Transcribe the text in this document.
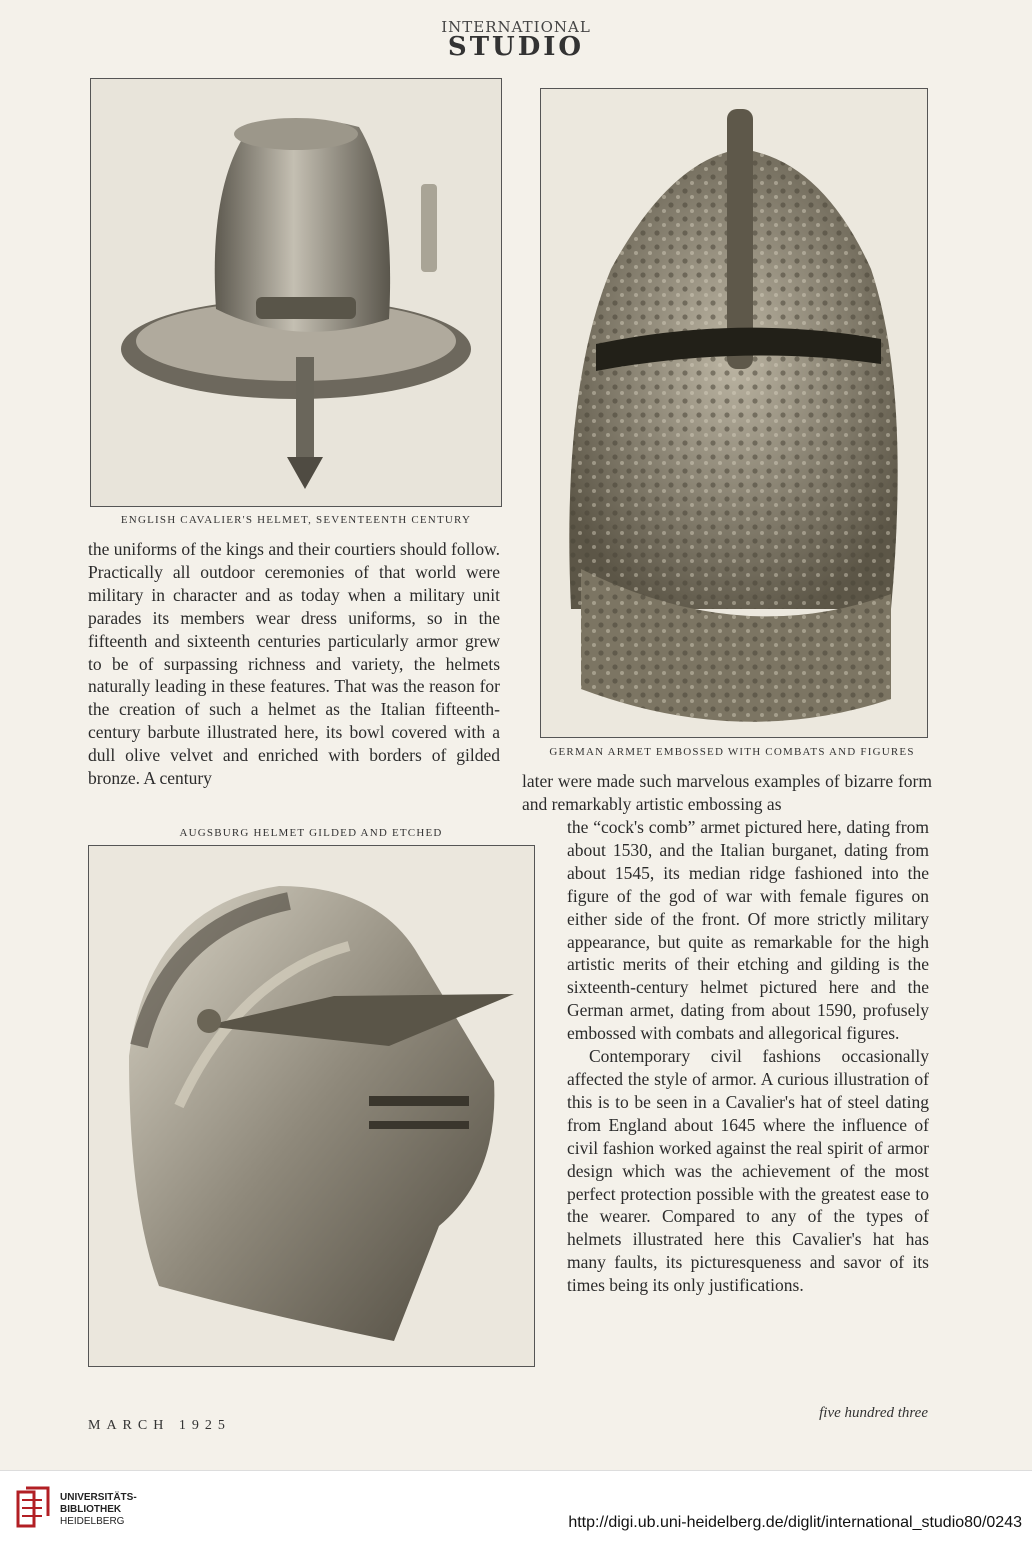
INTERNATIONAL
STUDIO
ENGLISH CAVALIER'S HELMET, SEVENTEENTH CENTURY
GERMAN ARMET EMBOSSED WITH COMBATS AND FIGURES
AUGSBURG HELMET GILDED AND ETCHED

the uniforms of the kings and their courtiers should follow. Practically all outdoor ceremonies of that world were military in character and as today when a military unit parades its members wear dress uniforms, so in the fifteenth and sixteenth centuries particularly armor grew to be of surpassing richness and variety, the helmets naturally leading in these features. That was the reason for the creation of such a helmet as the Italian fifteenth-century barbute illustrated here, its bowl covered with a dull olive velvet and enriched with borders of gilded bronze. A century	later were made such marvelous examples of bizarre form and remarkably artistic embossing as

the “cock's comb” armet pictured here, dating from about 1530, and the Italian burganet, dating from about 1545, its median ridge fashioned into the figure of the god of war with female figures on either side of the front. Of more strictly military appearance, but quite as remarkable for the high artistic merits of their etching and gilding is the sixteenth-century helmet pictured here and the German armet, dating from about 1590, profusely embossed with combats and allegorical figures.

Contemporary civil fashions occasionally affected the style of armor. A curious illustration of this is to be seen in a Cavalier's hat of steel dating from England about 1645 where the influence of civil fashion worked against the real spirit of armor design which was the achievement of the most perfect protection possible with the greatest ease to the wearer. Compared to any of the types of helmets illustrated here this Cavalier's hat has many faults, its picturesqueness and savor of its times being its only justifications.

MARCH 1925
five hundred three
UNIVERSITÄTS-
BIBLIOTHEK
HEIDELBERG	http://digi.ub.uni-heidelberg.de/diglit/international_studio80/0243
